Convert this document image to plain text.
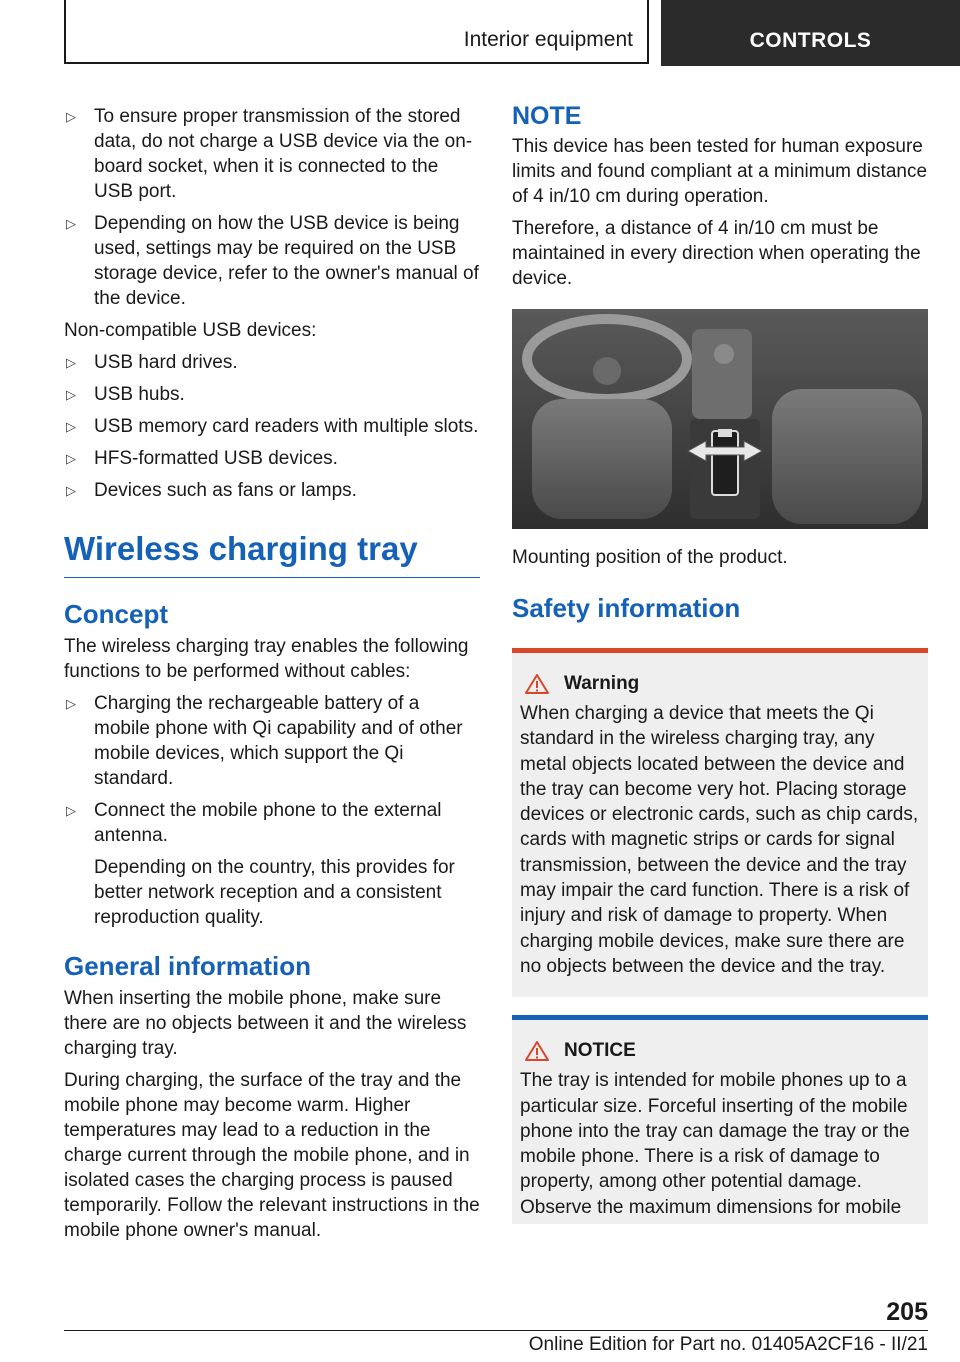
Interior equipment	CONTROLS
▷ To ensure proper transmission of the stored data, do not charge a USB device via the on-board socket, when it is connected to the USB port.
▷ Depending on how the USB device is being used, settings may be required on the USB storage device, refer to the owner's manual of the device.

Non-compatible USB devices:

▷ USB hard drives.
▷ USB hubs.
▷ USB memory card readers with multiple slots.
▷ HFS-formatted USB devices.
▷ Devices such as fans or lamps.
Wireless charging tray
Concept

The wireless charging tray enables the following functions to be performed without cables:

▷ Charging the rechargeable battery of a mobile phone with Qi capability and of other mobile devices, which support the Qi standard.
▷ Connect the mobile phone to the external antenna.
Depending on the country, this provides for better network reception and a consistent reproduction quality.
General information

When inserting the mobile phone, make sure there are no objects between it and the wireless charging tray.

During charging, the surface of the tray and the mobile phone may become warm. Higher temperatures may lead to a reduction in the charge current through the mobile phone, and in isolated cases the charging process is paused temporarily. Follow the relevant instructions in the mobile phone owner's manual.

NOTE

This device has been tested for human exposure limits and found compliant at a minimum distance of 4 in/10 cm during operation.

Therefore, a distance of 4 in/10 cm must be maintained in every direction when operating the device.

Mounting position of the product.

Safety information
Warning

When charging a device that meets the Qi standard in the wireless charging tray, any metal objects located between the device and the tray can become very hot. Placing storage devices or electronic cards, such as chip cards, cards with magnetic strips or cards for signal transmission, between the device and the tray may impair the card function. There is a risk of injury and risk of damage to property. When charging mobile devices, make sure there are no objects between the device and the tray.

NOTICE

The tray is intended for mobile phones up to a particular size. Forceful inserting of the mobile phone into the tray can damage the tray or the mobile phone. There is a risk of damage to property, among other potential damage. Observe the maximum dimensions for mobile

205
Online Edition for Part no. 01405A2CF16 - II/21
